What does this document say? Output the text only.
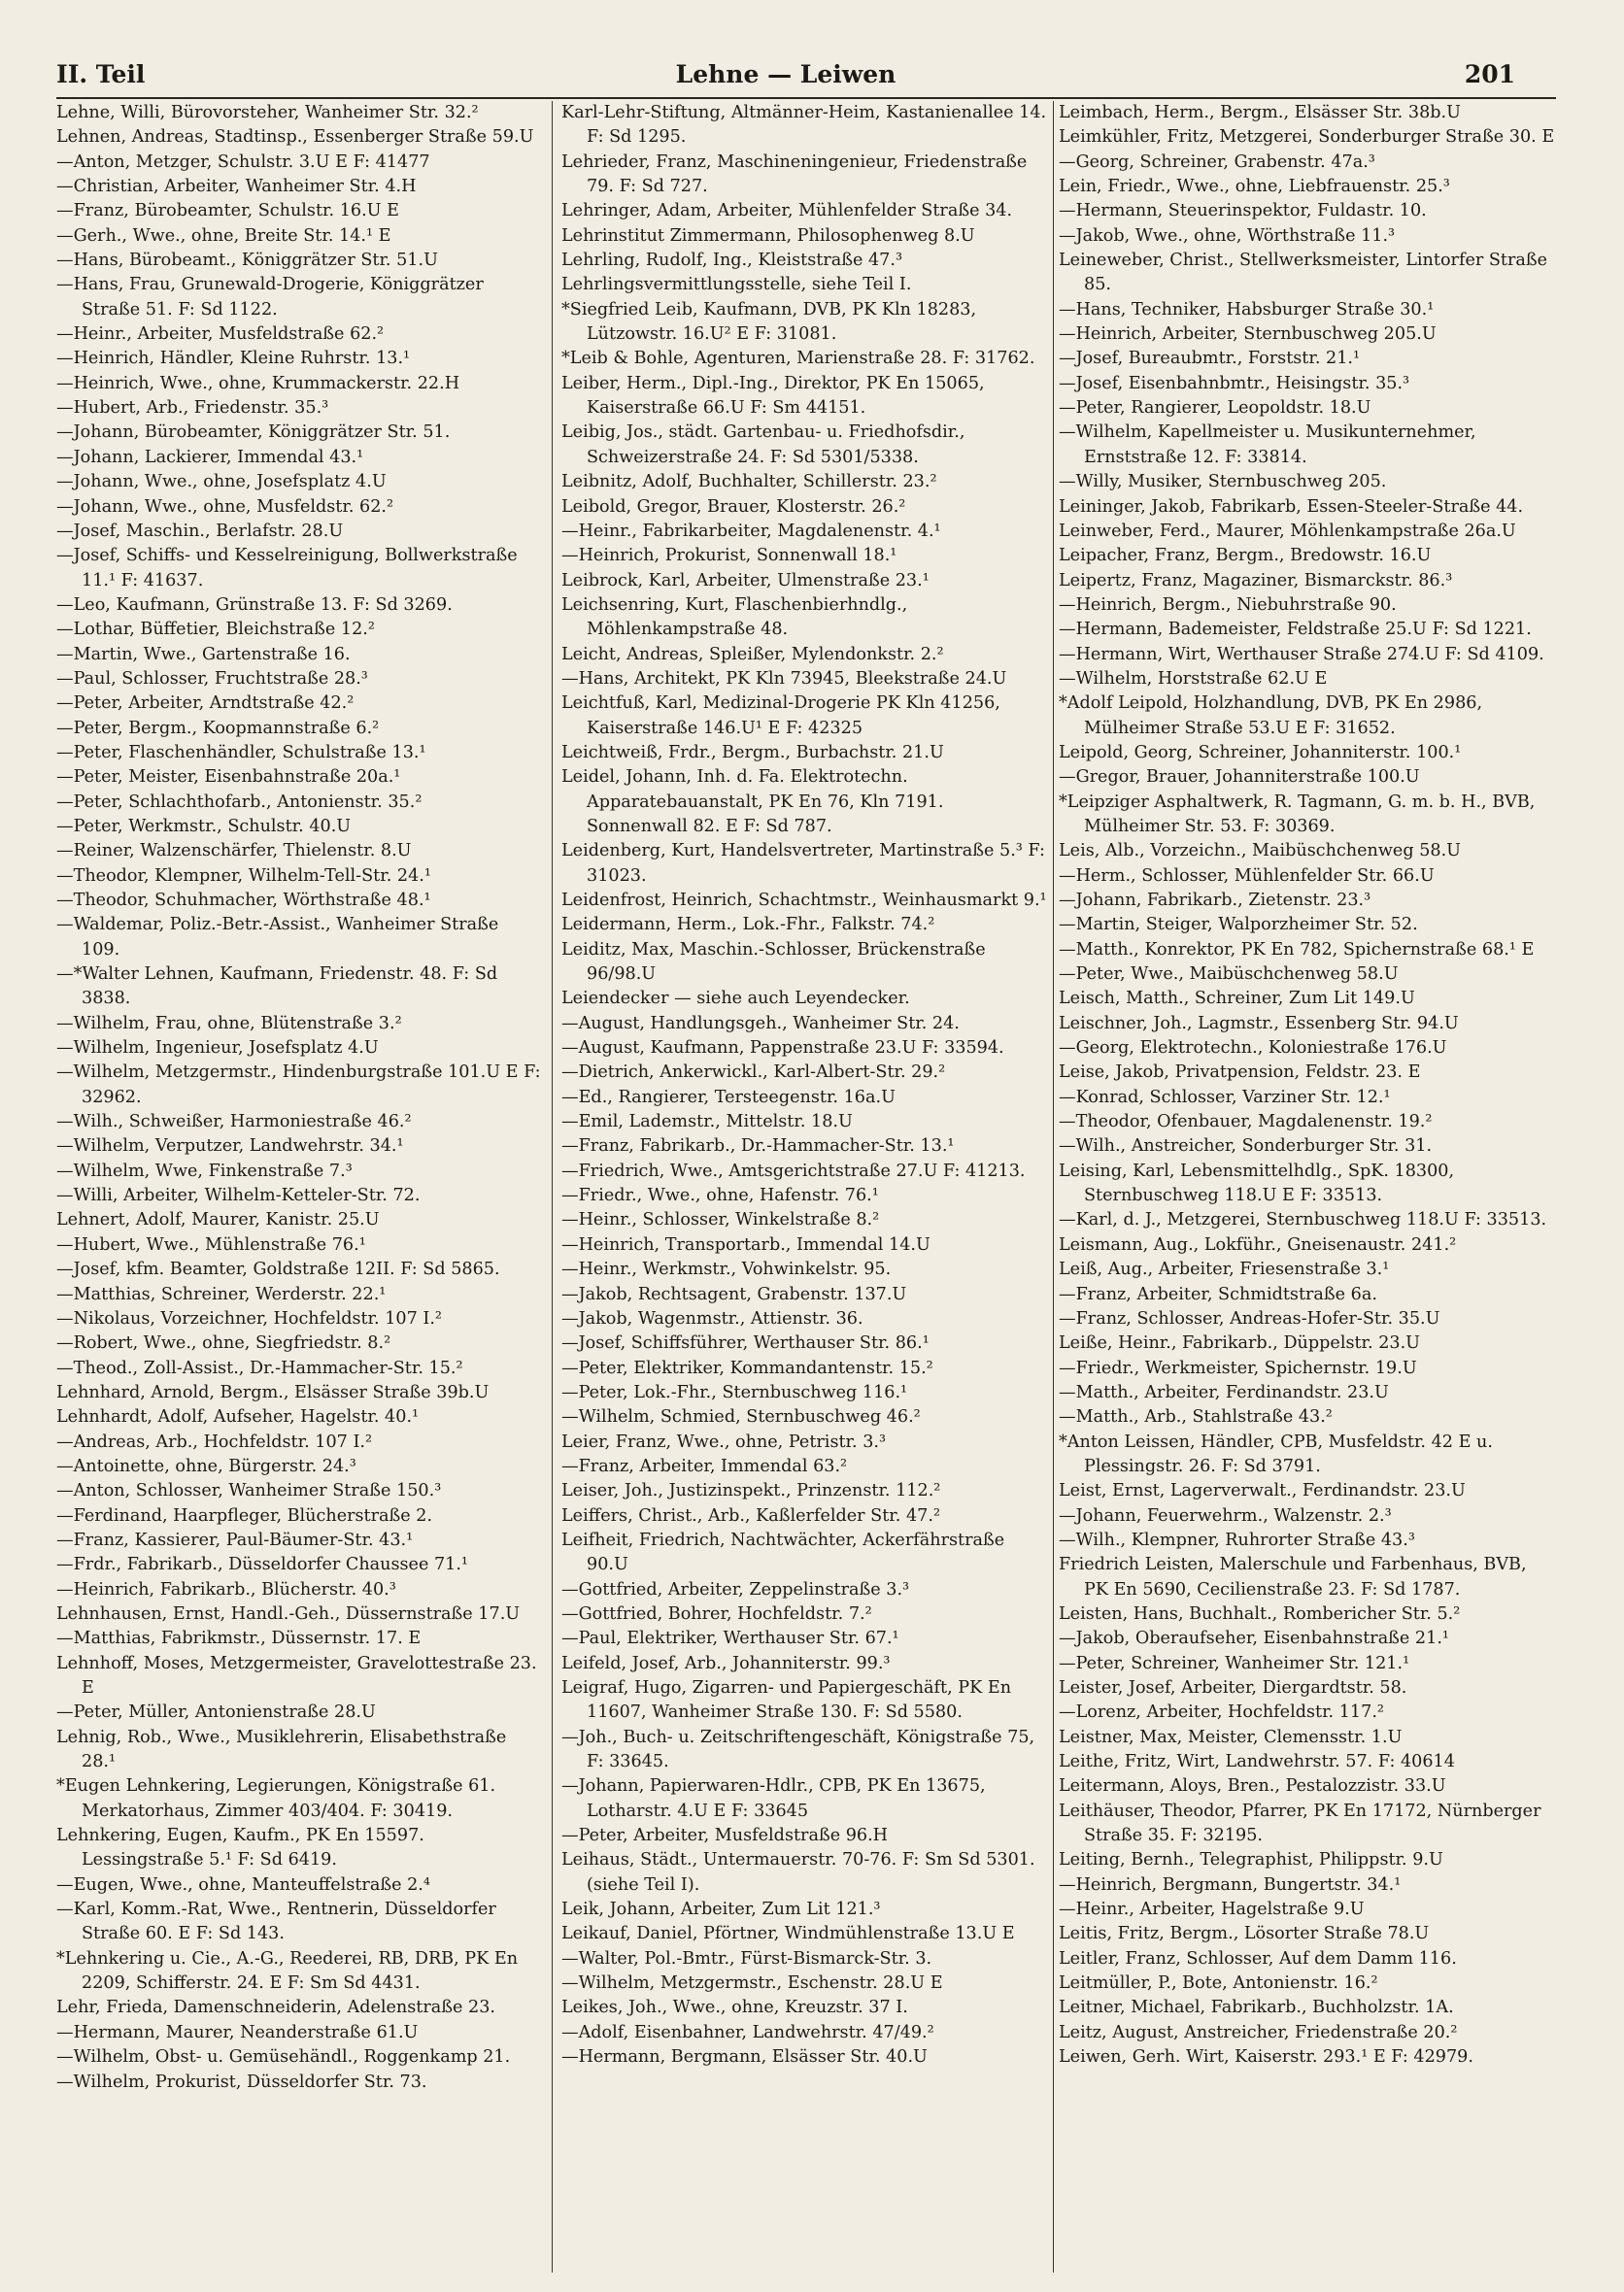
Lehne — Leiwen
II. Teil	201

Lehne, Willi, Bürovorsteher, Wanheimer Str. 32.²

Lehnen, Andreas, Stadtinsp., Essenberger Straße 59.U

—Anton, Metzger, Schulstr. 3.U E F: 41477

—Christian, Arbeiter, Wanheimer Str. 4.H

—Franz, Bürobeamter, Schulstr. 16.U E

—Gerh., Wwe., ohne, Breite Str. 14.¹ E

—Hans, Bürobeamt., Königgrätzer Str. 51.U

—Hans, Frau, Grunewald-Drogerie, Königgrätzer Straße 51. F: Sd 1122.

—Heinr., Arbeiter, Musfeldstraße 62.²

—Heinrich, Händler, Kleine Ruhrstr. 13.¹

—Heinrich, Wwe., ohne, Krummackerstr. 22.H

—Hubert, Arb., Friedenstr. 35.³

—Johann, Bürobeamter, Königgrätzer Str. 51.

—Johann, Lackierer, Immendal 43.¹

—Johann, Wwe., ohne, Josefsplatz 4.U

—Johann, Wwe., ohne, Musfeldstr. 62.²

—Josef, Maschin., Berlafstr. 28.U

—Josef, Schiffs- und Kesselreinigung, Bollwerkstraße 11.¹ F: 41637.

—Leo, Kaufmann, Grünstraße 13. F: Sd 3269.

—Lothar, Büffetier, Bleichstraße 12.²

—Martin, Wwe., Gartenstraße 16.

—Paul, Schlosser, Fruchtstraße 28.³

—Peter, Arbeiter, Arndtstraße 42.²

—Peter, Bergm., Koopmannstraße 6.²

—Peter, Flaschenhändler, Schulstraße 13.¹

—Peter, Meister, Eisenbahnstraße 20a.¹

—Peter, Schlachthofarb., Antonienstr. 35.²

—Peter, Werkmstr., Schulstr. 40.U

—Reiner, Walzenschärfer, Thielenstr. 8.U

—Theodor, Klempner, Wilhelm-Tell-Str. 24.¹

—Theodor, Schuhmacher, Wörthstraße 48.¹

—Waldemar, Poliz.-Betr.-Assist., Wanheimer Straße 109.

—*Walter Lehnen, Kaufmann, Friedenstr. 48. F: Sd 3838.

—Wilhelm, Frau, ohne, Blütenstraße 3.²

—Wilhelm, Ingenieur, Josefsplatz 4.U

—Wilhelm, Metzgermstr., Hindenburgstraße 101.U E F: 32962.

—Wilh., Schweißer, Harmoniestraße 46.²

—Wilhelm, Verputzer, Landwehrstr. 34.¹

—Wilhelm, Wwe, Finkenstraße 7.³

—Willi, Arbeiter, Wilhelm-Ketteler-Str. 72.

Lehnert, Adolf, Maurer, Kanistr. 25.U

—Hubert, Wwe., Mühlenstraße 76.¹

—Josef, kfm. Beamter, Goldstraße 12II. F: Sd 5865.

—Matthias, Schreiner, Werderstr. 22.¹

—Nikolaus, Vorzeichner, Hochfeldstr. 107 I.²

—Robert, Wwe., ohne, Siegfriedstr. 8.²

—Theod., Zoll-Assist., Dr.-Hammacher-Str. 15.²

Lehnhard, Arnold, Bergm., Elsässer Straße 39b.U

Lehnhardt, Adolf, Aufseher, Hagelstr. 40.¹

—Andreas, Arb., Hochfeldstr. 107 I.²

—Antoinette, ohne, Bürgerstr. 24.³

—Anton, Schlosser, Wanheimer Straße 150.³

—Ferdinand, Haarpfleger, Blücherstraße 2.

—Franz, Kassierer, Paul-Bäumer-Str. 43.¹

—Frdr., Fabrikarb., Düsseldorfer Chaussee 71.¹

—Heinrich, Fabrikarb., Blücherstr. 40.³

Lehnhausen, Ernst, Handl.-Geh., Düssernstraße 17.U

—Matthias, Fabrikmstr., Düssernstr. 17. E

Lehnhoff, Moses, Metzgermeister, Gravelottestraße 23. E

—Peter, Müller, Antonienstraße 28.U

Lehnig, Rob., Wwe., Musiklehrerin, Elisabethstraße 28.¹

*Eugen Lehnkering, Legierungen, Königstraße 61. Merkatorhaus, Zimmer 403/404. F: 30419.

Lehnkering, Eugen, Kaufm., PK En 15597. Lessingstraße 5.¹ F: Sd 6419.

—Eugen, Wwe., ohne, Manteuffelstraße 2.⁴

—Karl, Komm.-Rat, Wwe., Rentnerin, Düsseldorfer Straße 60. E F: Sd 143.

*Lehnkering u. Cie., A.-G., Reederei, RB, DRB, PK En 2209, Schifferstr. 24. E F: Sm Sd 4431.

Lehr, Frieda, Damenschneiderin, Adelenstraße 23.

—Hermann, Maurer, Neanderstraße 61.U

—Wilhelm, Obst- u. Gemüsehändl., Roggenkamp 21.

—Wilhelm, Prokurist, Düsseldorfer Str. 73.

Karl-Lehr-Stiftung, Altmänner-Heim, Kastanienallee 14. F: Sd 1295.

Lehrieder, Franz, Maschineningenieur, Friedenstraße 79. F: Sd 727.

Lehringer, Adam, Arbeiter, Mühlenfelder Straße 34.

Lehrinstitut Zimmermann, Philosophenweg 8.U

Lehrling, Rudolf, Ing., Kleiststraße 47.³

Lehrlingsvermittlungsstelle, siehe Teil I.

*Siegfried Leib, Kaufmann, DVB, PK Kln 18283, Lützowstr. 16.U² E F: 31081.

*Leib & Bohle, Agenturen, Marienstraße 28. F: 31762.

Leiber, Herm., Dipl.-Ing., Direktor, PK En 15065, Kaiserstraße 66.U F: Sm 44151.

Leibig, Jos., städt. Gartenbau- u. Friedhofsdir., Schweizerstraße 24. F: Sd 5301/5338.

Leibnitz, Adolf, Buchhalter, Schillerstr. 23.²

Leibold, Gregor, Brauer, Klosterstr. 26.²

—Heinr., Fabrikarbeiter, Magdalenenstr. 4.¹

—Heinrich, Prokurist, Sonnenwall 18.¹

Leibrock, Karl, Arbeiter, Ulmenstraße 23.¹

Leichsenring, Kurt, Flaschenbierhndlg., Möhlenkampstraße 48.

Leicht, Andreas, Spleißer, Mylendonkstr. 2.²

—Hans, Architekt, PK Kln 73945, Bleekstraße 24.U

Leichtfuß, Karl, Medizinal-Drogerie PK Kln 41256, Kaiserstraße 146.U¹ E F: 42325

Leichtweiß, Frdr., Bergm., Burbachstr. 21.U

Leidel, Johann, Inh. d. Fa. Elektrotechn. Apparatebauanstalt, PK En 76, Kln 7191. Sonnenwall 82. E F: Sd 787.

Leidenberg, Kurt, Handelsvertreter, Martinstraße 5.³ F: 31023.

Leidenfrost, Heinrich, Schachtmstr., Weinhausmarkt 9.¹

Leidermann, Herm., Lok.-Fhr., Falkstr. 74.²

Leiditz, Max, Maschin.-Schlosser, Brückenstraße 96/98.U

Leiendecker — siehe auch Leyendecker.

—August, Handlungsgeh., Wanheimer Str. 24.

—August, Kaufmann, Pappenstraße 23.U F: 33594.

—Dietrich, Ankerwickl., Karl-Albert-Str. 29.²

—Ed., Rangierer, Tersteegenstr. 16a.U

—Emil, Lademstr., Mittelstr. 18.U

—Franz, Fabrikarb., Dr.-Hammacher-Str. 13.¹

—Friedrich, Wwe., Amtsgerichtstraße 27.U F: 41213.

—Friedr., Wwe., ohne, Hafenstr. 76.¹

—Heinr., Schlosser, Winkelstraße 8.²

—Heinrich, Transportarb., Immendal 14.U

—Heinr., Werkmstr., Vohwinkelstr. 95.

—Jakob, Rechtsagent, Grabenstr. 137.U

—Jakob, Wagenmstr., Attienstr. 36.

—Josef, Schiffsführer, Werthauser Str. 86.¹

—Peter, Elektriker, Kommandantenstr. 15.²

—Peter, Lok.-Fhr., Sternbuschweg 116.¹

—Wilhelm, Schmied, Sternbuschweg 46.²

Leier, Franz, Wwe., ohne, Petristr. 3.³

—Franz, Arbeiter, Immendal 63.²

Leiser, Joh., Justizinspekt., Prinzenstr. 112.²

Leiffers, Christ., Arb., Kaßlerfelder Str. 47.²

Leifheit, Friedrich, Nachtwächter, Ackerfährstraße 90.U

—Gottfried, Arbeiter, Zeppelinstraße 3.³

—Gottfried, Bohrer, Hochfeldstr. 7.²

—Paul, Elektriker, Werthauser Str. 67.¹

Leifeld, Josef, Arb., Johanniterstr. 99.³

Leigraf, Hugo, Zigarren- und Papiergeschäft, PK En 11607, Wanheimer Straße 130. F: Sd 5580.

—Joh., Buch- u. Zeitschriftengeschäft, Königstraße 75, F: 33645.

—Johann, Papierwaren-Hdlr., CPB, PK En 13675, Lotharstr. 4.U E F: 33645

—Peter, Arbeiter, Musfeldstraße 96.H

Leihaus, Städt., Untermauerstr. 70-76. F: Sm Sd 5301. (siehe Teil I).

Leik, Johann, Arbeiter, Zum Lit 121.³

Leikauf, Daniel, Pförtner, Windmühlenstraße 13.U E

—Walter, Pol.-Bmtr., Fürst-Bismarck-Str. 3.

—Wilhelm, Metzgermstr., Eschenstr. 28.U E

Leikes, Joh., Wwe., ohne, Kreuzstr. 37 I.

—Adolf, Eisenbahner, Landwehrstr. 47/49.²

—Hermann, Bergmann, Elsässer Str. 40.U

Leimbach, Herm., Bergm., Elsässer Str. 38b.U

Leimkühler, Fritz, Metzgerei, Sonderburger Straße 30. E

—Georg, Schreiner, Grabenstr. 47a.³

Lein, Friedr., Wwe., ohne, Liebfrauenstr. 25.³

—Hermann, Steuerinspektor, Fuldastr. 10.

—Jakob, Wwe., ohne, Wörthstraße 11.³

Leineweber, Christ., Stellwerksmeister, Lintorfer Straße 85.

—Hans, Techniker, Habsburger Straße 30.¹

—Heinrich, Arbeiter, Sternbuschweg 205.U

—Josef, Bureaubmtr., Forststr. 21.¹

—Josef, Eisenbahnbmtr., Heisingstr. 35.³

—Peter, Rangierer, Leopoldstr. 18.U

—Wilhelm, Kapellmeister u. Musikunternehmer, Ernststraße 12. F: 33814.

—Willy, Musiker, Sternbuschweg 205.

Leininger, Jakob, Fabrikarb, Essen-Steeler-Straße 44.

Leinweber, Ferd., Maurer, Möhlenkampstraße 26a.U

Leipacher, Franz, Bergm., Bredowstr. 16.U

Leipertz, Franz, Magaziner, Bismarckstr. 86.³

—Heinrich, Bergm., Niebuhrstraße 90.

—Hermann, Bademeister, Feldstraße 25.U F: Sd 1221.

—Hermann, Wirt, Werthauser Straße 274.U F: Sd 4109.

—Wilhelm, Horststraße 62.U E

*Adolf Leipold, Holzhandlung, DVB, PK En 2986, Mülheimer Straße 53.U E F: 31652.

Leipold, Georg, Schreiner, Johanniterstr. 100.¹

—Gregor, Brauer, Johanniterstraße 100.U

*Leipziger Asphaltwerk, R. Tagmann, G. m. b. H., BVB, Mülheimer Str. 53. F: 30369.

Leis, Alb., Vorzeichn., Maibüschchenweg 58.U

—Herm., Schlosser, Mühlenfelder Str. 66.U

—Johann, Fabrikarb., Zietenstr. 23.³

—Martin, Steiger, Walporzheimer Str. 52.

—Matth., Konrektor, PK En 782, Spichernstraße 68.¹ E

—Peter, Wwe., Maibüschchenweg 58.U

Leisch, Matth., Schreiner, Zum Lit 149.U

Leischner, Joh., Lagmstr., Essenberg Str. 94.U

—Georg, Elektrotechn., Koloniestraße 176.U

Leise, Jakob, Privatpension, Feldstr. 23. E

—Konrad, Schlosser, Varziner Str. 12.¹

—Theodor, Ofenbauer, Magdalenenstr. 19.²

—Wilh., Anstreicher, Sonderburger Str. 31.

Leising, Karl, Lebensmittelhdlg., SpK. 18300, Sternbuschweg 118.U E F: 33513.

—Karl, d. J., Metzgerei, Sternbuschweg 118.U F: 33513.

Leismann, Aug., Lokführ., Gneisenaustr. 241.²

Leiß, Aug., Arbeiter, Friesenstraße 3.¹

—Franz, Arbeiter, Schmidtstraße 6a.

—Franz, Schlosser, Andreas-Hofer-Str. 35.U

Leiße, Heinr., Fabrikarb., Düppelstr. 23.U

—Friedr., Werkmeister, Spichernstr. 19.U

—Matth., Arbeiter, Ferdinandstr. 23.U

—Matth., Arb., Stahlstraße 43.²

*Anton Leissen, Händler, CPB, Musfeldstr. 42 E u. Plessingstr. 26. F: Sd 3791.

Leist, Ernst, Lagerverwalt., Ferdinandstr. 23.U

—Johann, Feuerwehrm., Walzenstr. 2.³

—Wilh., Klempner, Ruhrorter Straße 43.³

Friedrich Leisten, Malerschule und Farbenhaus, BVB, PK En 5690, Cecilienstraße 23. F: Sd 1787.

Leisten, Hans, Buchhalt., Rombericher Str. 5.²

—Jakob, Oberaufseher, Eisenbahnstraße 21.¹

—Peter, Schreiner, Wanheimer Str. 121.¹

Leister, Josef, Arbeiter, Diergardtstr. 58.

—Lorenz, Arbeiter, Hochfeldstr. 117.²

Leistner, Max, Meister, Clemensstr. 1.U

Leithe, Fritz, Wirt, Landwehrstr. 57. F: 40614

Leitermann, Aloys, Bren., Pestalozzistr. 33.U

Leithäuser, Theodor, Pfarrer, PK En 17172, Nürnberger Straße 35. F: 32195.

Leiting, Bernh., Telegraphist, Philippstr. 9.U

—Heinrich, Bergmann, Bungertstr. 34.¹

—Heinr., Arbeiter, Hagelstraße 9.U

Leitis, Fritz, Bergm., Lösorter Straße 78.U

Leitler, Franz, Schlosser, Auf dem Damm 116.

Leitmüller, P., Bote, Antonienstr. 16.²

Leitner, Michael, Fabrikarb., Buchholzstr. 1A.

Leitz, August, Anstreicher, Friedenstraße 20.²

Leiwen, Gerh. Wirt, Kaiserstr. 293.¹ E F: 42979.
